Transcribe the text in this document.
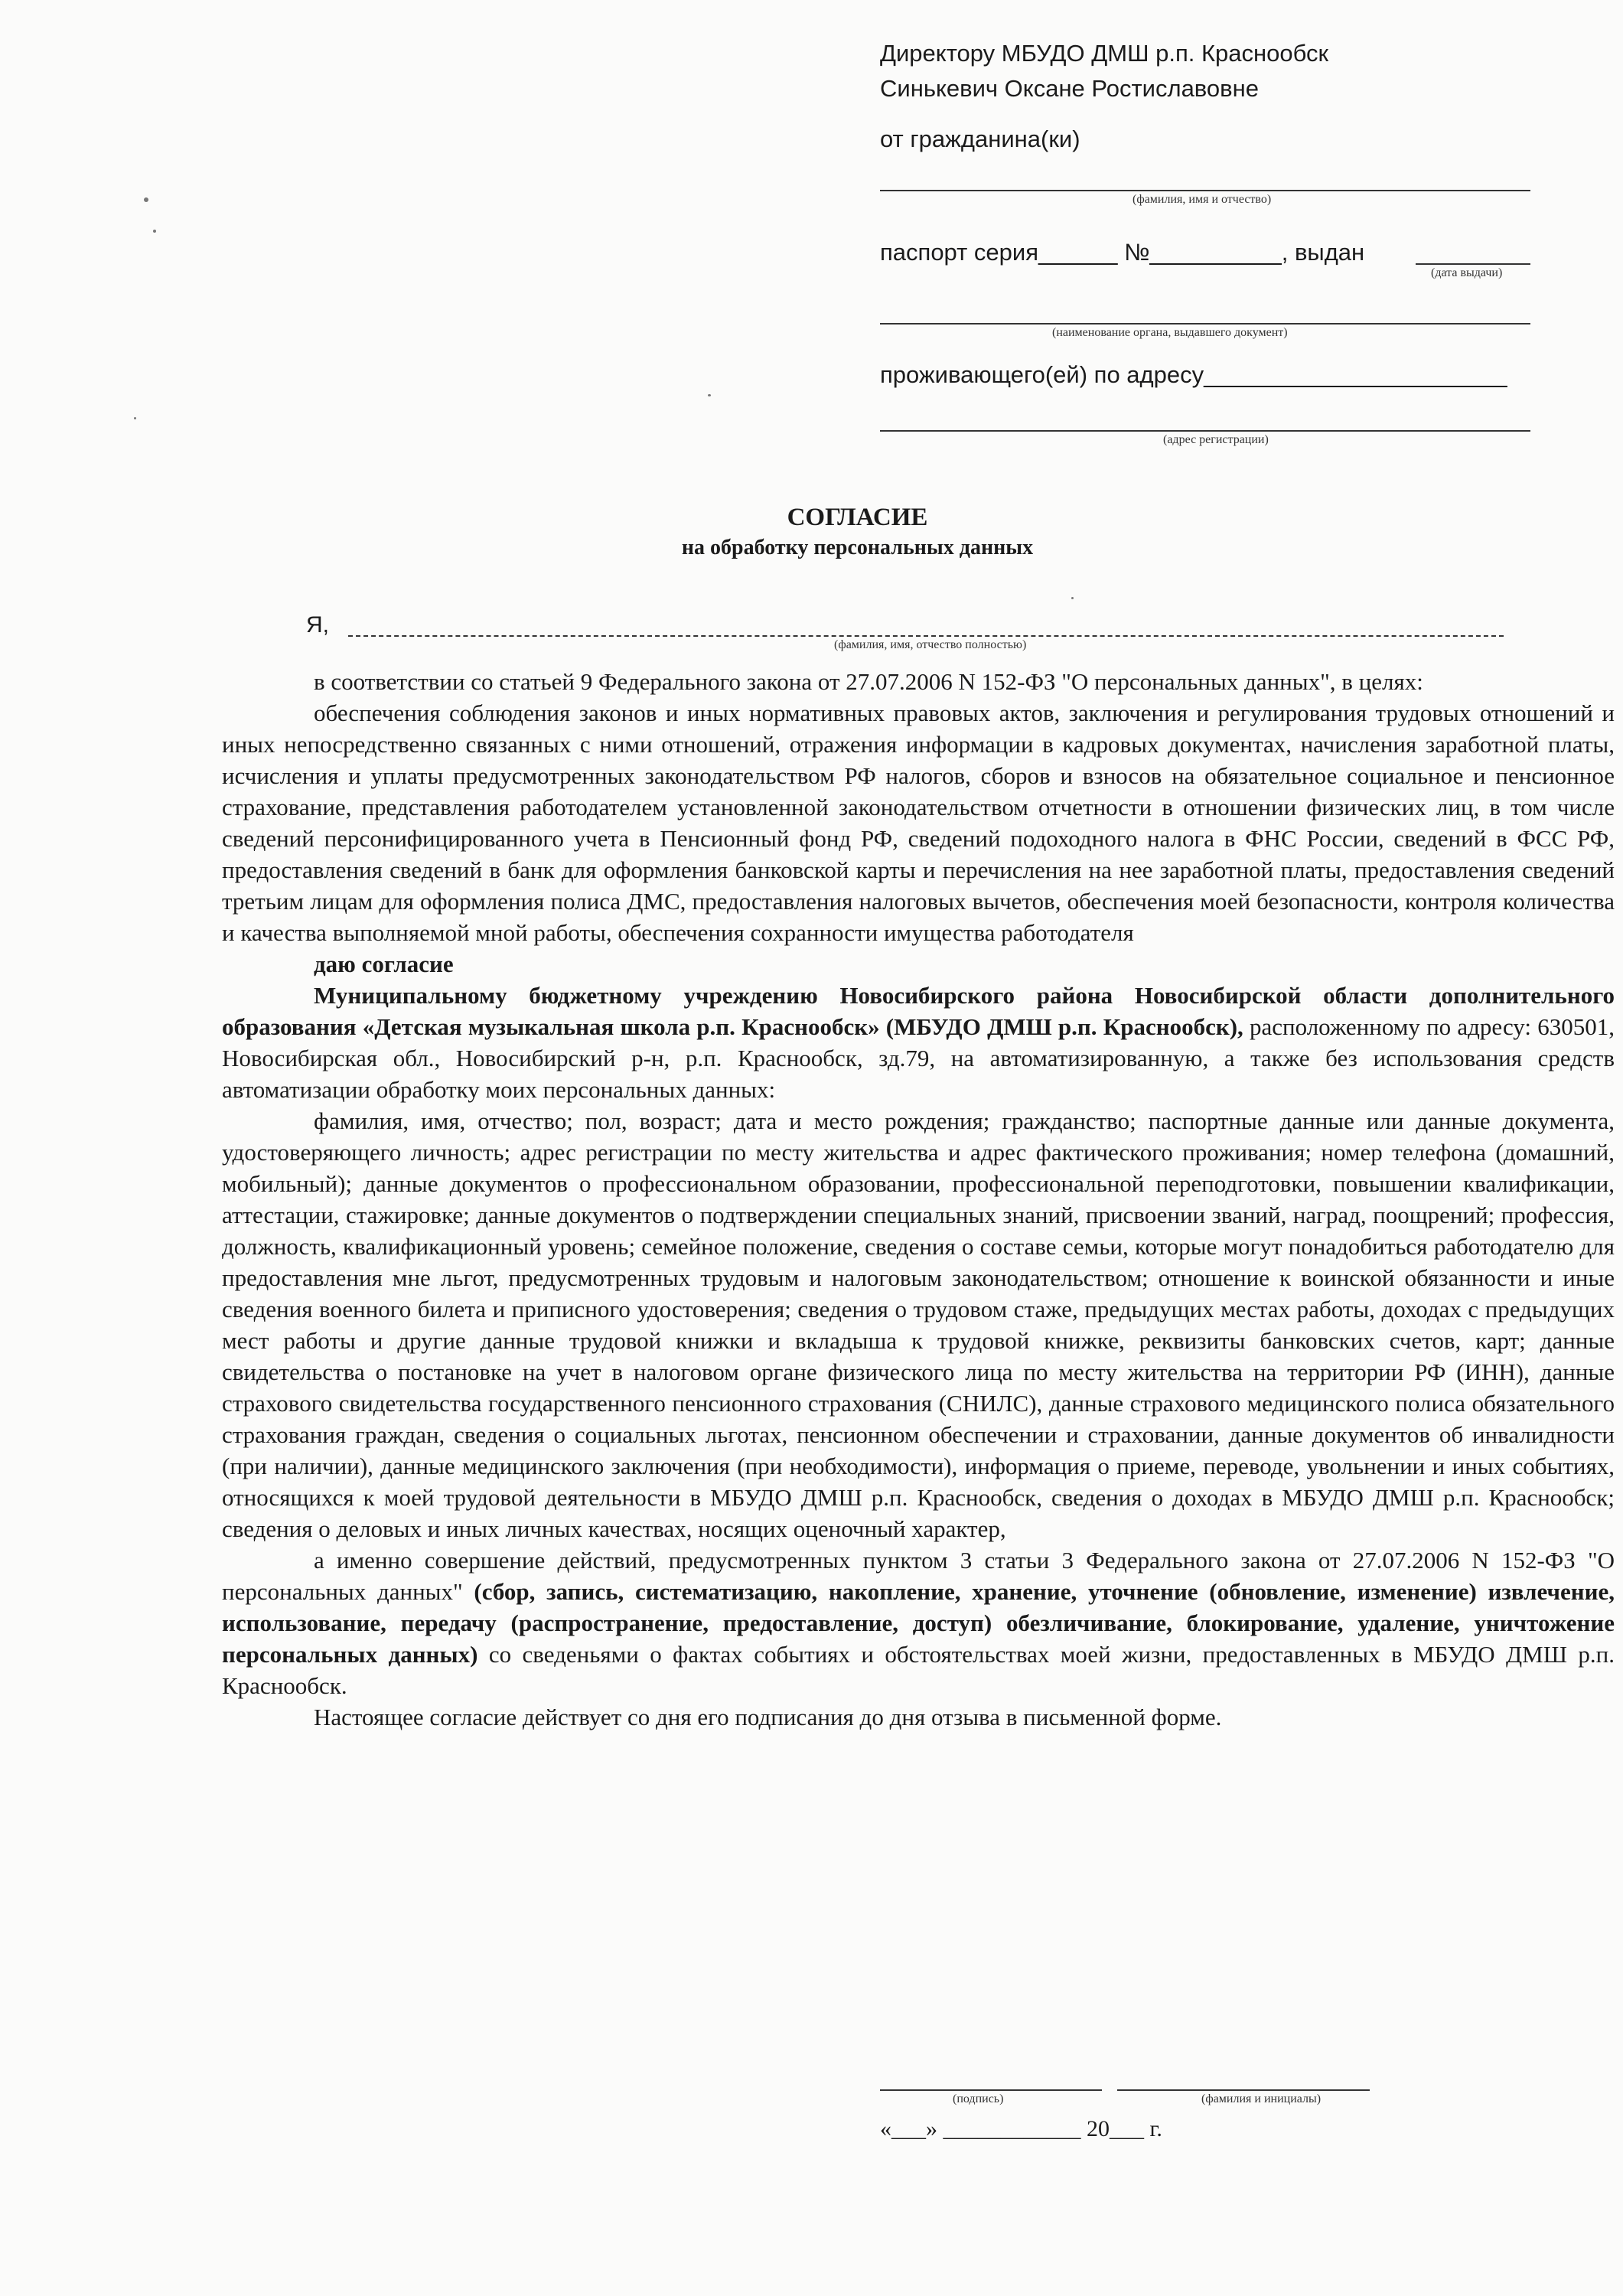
Директору МБУДО ДМШ р.п. Краснообск
Синькевич Оксане Ростиславовне
от гражданина(ки)
(фамилия, имя и отчество)
паспорт серия______ №__________, выдан
(дата выдачи)
(наименование органа, выдавшего документ)
проживающего(ей) по адресу_______________________
(адрес регистрации)
СОГЛАСИЕ
на обработку персональных данных
Я,
(фамилия, имя, отчество полностью)

в соответствии со статьей 9 Федерального закона от 27.07.2006 N 152-ФЗ "О персональных данных", в целях:

обеспечения соблюдения законов и иных нормативных правовых актов, заключения и регулирования трудовых отношений и иных непосредственно связанных с ними отношений, отражения информации в кадровых документах, начисления заработной платы, исчисления и уплаты предусмотренных законодательством РФ налогов, сборов и взносов на обязательное социальное и пенсионное страхование, представления работодателем установленной законодательством отчетности в отношении физических лиц, в том числе сведений персонифицированного учета в Пенсионный фонд РФ, сведений подоходного налога в ФНС России, сведений в ФСС РФ, предоставления сведений в банк для оформления банковской карты и перечисления на нее заработной платы, предоставления сведений третьим лицам для оформления полиса ДМС, предоставления налоговых вычетов, обеспечения моей безопасности, контроля количества и качества выполняемой мной работы, обеспечения сохранности имущества работодателя

даю согласие

Муниципальному бюджетному учреждению Новосибирского района Новосибирской области дополнительного образования «Детская музыкальная школа р.п. Краснообск» (МБУДО ДМШ р.п. Краснообск), расположенному по адресу: 630501, Новосибирская обл., Новосибирский р-н, р.п. Краснообск, зд.79, на автоматизированную, а также без использования средств автоматизации обработку моих персональных данных:

фамилия, имя, отчество; пол, возраст; дата и место рождения; гражданство; паспортные данные или данные документа, удостоверяющего личность; адрес регистрации по месту жительства и адрес фактического проживания; номер телефона (домашний, мобильный); данные документов о профессиональном образовании, профессиональной переподготовки, повышении квалификации, аттестации, стажировке; данные документов о подтверждении специальных знаний, присвоении званий, наград, поощрений; профессия, должность, квалификационный уровень; семейное положение, сведения о составе семьи, которые могут понадобиться работодателю для предоставления мне льгот, предусмотренных трудовым и налоговым законодательством; отношение к воинской обязанности и иные сведения военного билета и приписного удостоверения; сведения о трудовом стаже, предыдущих местах работы, доходах с предыдущих мест работы и другие данные трудовой книжки и вкладыша к трудовой книжке, реквизиты банковских счетов, карт; данные свидетельства о постановке на учет в налоговом органе физического лица по месту жительства на территории РФ (ИНН), данные страхового свидетельства государственного пенсионного страхования (СНИЛС), данные страхового медицинского полиса обязательного страхования граждан, сведения о социальных льготах, пенсионном обеспечении и страховании, данные документов об инвалидности (при наличии), данные медицинского заключения (при необходимости), информация о приеме, переводе, увольнении и иных событиях, относящихся к моей трудовой деятельности в МБУДО ДМШ р.п. Краснообск, сведения о доходах в МБУДО ДМШ р.п. Краснообск; сведения о деловых и иных личных качествах, носящих оценочный характер,

а именно совершение действий, предусмотренных пунктом 3 статьи 3 Федерального закона от 27.07.2006 N 152-ФЗ "О персональных данных" (сбор, запись, систематизацию, накопление, хранение, уточнение (обновление, изменение) извлечение, использование, передачу (распространение, предоставление, доступ) обезличивание, блокирование, удаление, уничтожение персональных данных) со сведеньями о фактах событиях и обстоятельствах моей жизни, предоставленных в МБУДО ДМШ р.п. Краснообск.

Настоящее согласие действует со дня его подписания до дня отзыва в письменной форме.

(подпись)	(фамилия и инициалы)
«___» ____________ 20___ г.
